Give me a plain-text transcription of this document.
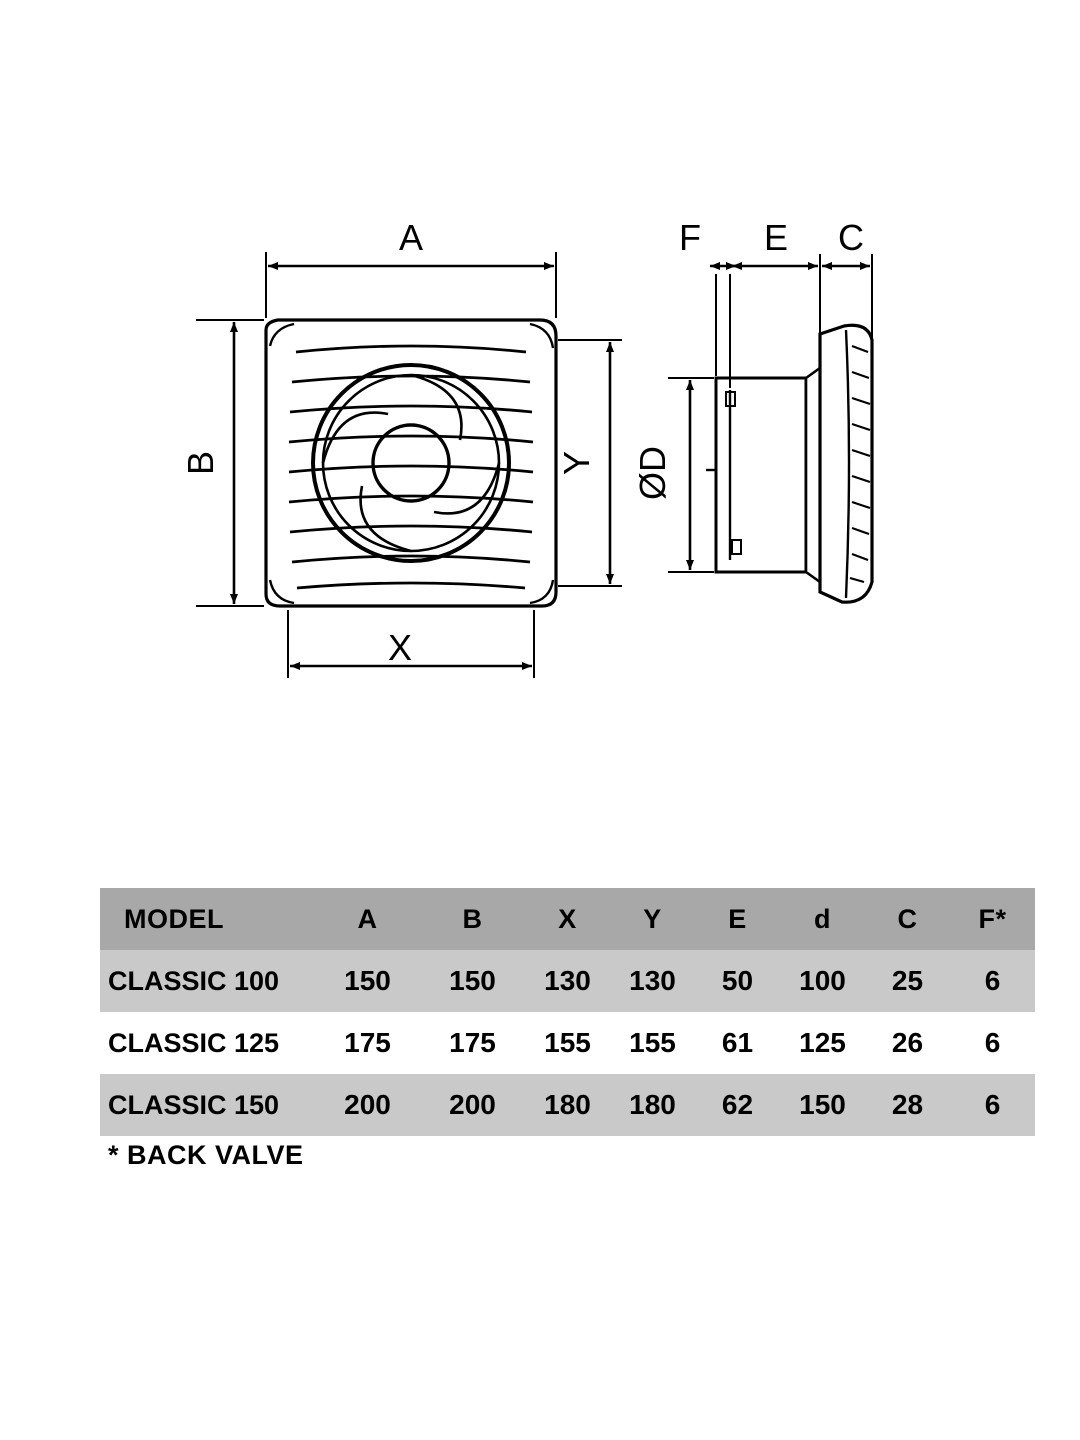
A
B
X
Y ØD
F E C
MODEL	A	B	X	Y	E	d	C	F*
CLASSIC 100	150	150	130	130	50	100	25	6
CLASSIC 125	175	175	155	155	61	125	26	6
CLASSIC 150	200	200	180	180	62	150	28	6
* BACK VALVE
